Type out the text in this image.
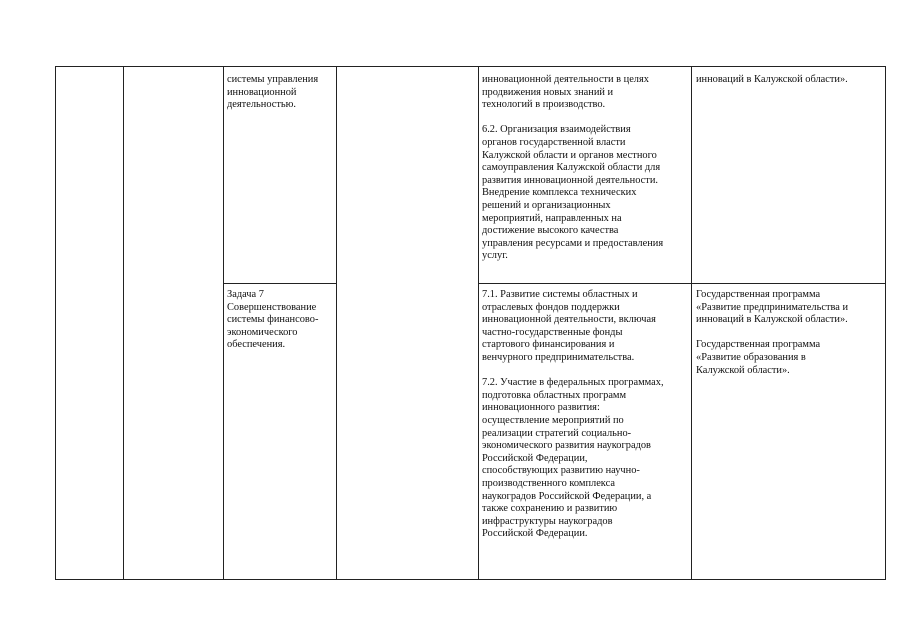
системы управления
инновационной
деятельностью.
инновационной деятельности в целях
продвижения новых знаний и
технологий в производство.

6.2. Организация взаимодействия
органов государственной власти
Калужской области и органов местного
самоуправления Калужской области для
развития инновационной деятельности.
Внедрение комплекса технических
решений и организационных
мероприятий, направленных на
достижение высокого качества
управления ресурсами и предоставления
услуг.
инноваций в Калужской области».
Задача 7
Совершенствование
системы финансово-
экономического
обеспечения.
7.1. Развитие системы областных и
отраслевых фондов поддержки
инновационной деятельности, включая
частно-государственные фонды
стартового финансирования и
венчурного предпринимательства.

7.2. Участие в федеральных программах,
подготовка областных программ
инновационного развития:
осуществление мероприятий по
реализации стратегий социально-
экономического развития наукоградов
Российской Федерации,
способствующих развитию научно-
производственного комплекса
наукоградов Российской Федерации, а
также сохранению и развитию
инфраструктуры наукоградов
Российской Федерации.
Государственная программа
«Развитие предпринимательства и
инноваций в Калужской области».

Государственная программа
«Развитие образования в
Калужской области».
